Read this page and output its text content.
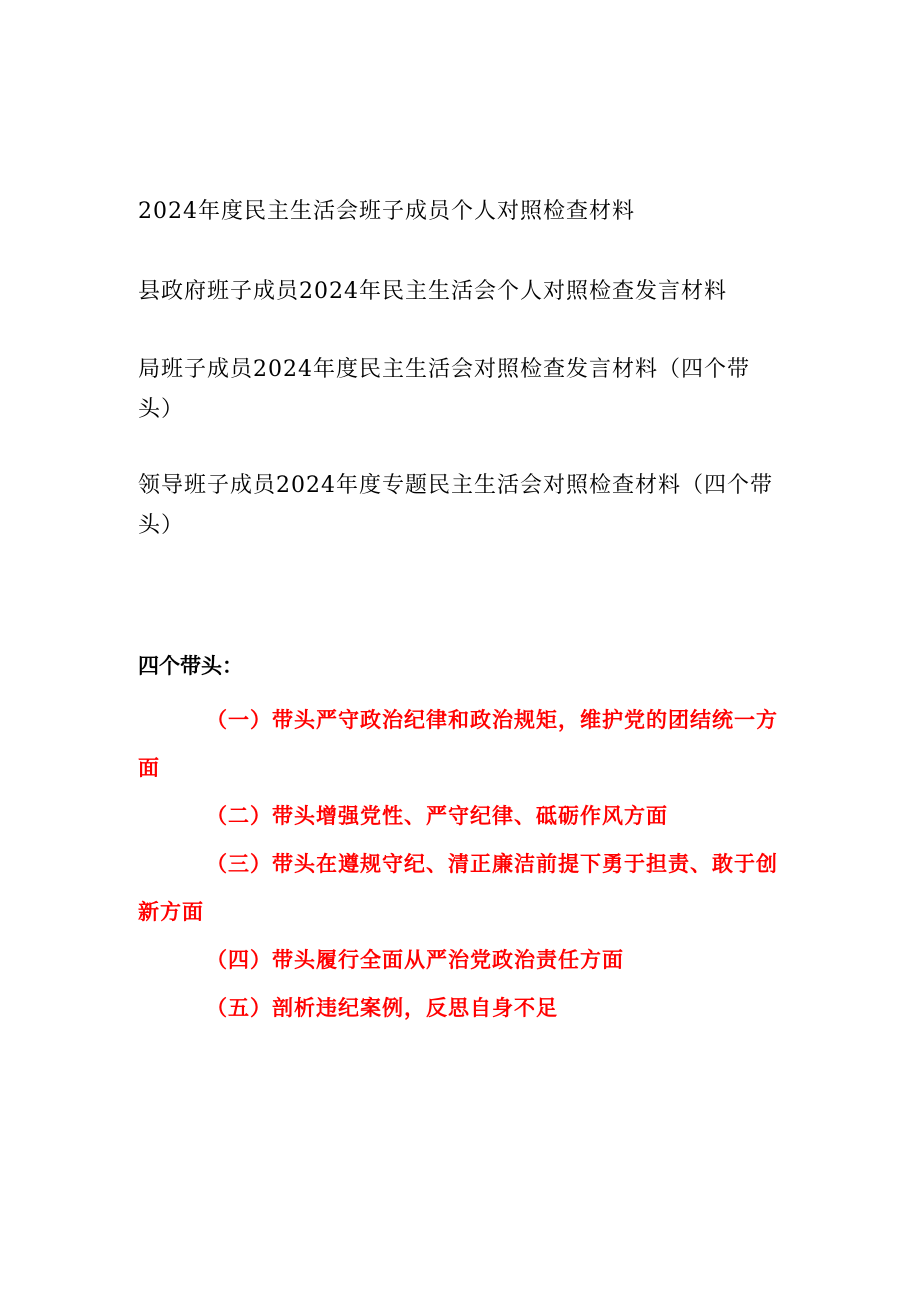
2024年度民主生活会班子成员个人对照检查材料

县政府班子成员2024年民主生活会个人对照检查发言材料

局班子成员2024年度民主生活会对照检查发言材料（四个带头）

领导班子成员2024年度专题民主生活会对照检查材料（四个带头）

四个带头：

（一）带头严守政治纪律和政治规矩，维护党的团结统一方面

（二）带头增强党性、严守纪律、砥砺作风方面

（三）带头在遵规守纪、清正廉洁前提下勇于担责、敢于创新方面

（四）带头履行全面从严治党政治责任方面

（五）剖析违纪案例，反思自身不足
